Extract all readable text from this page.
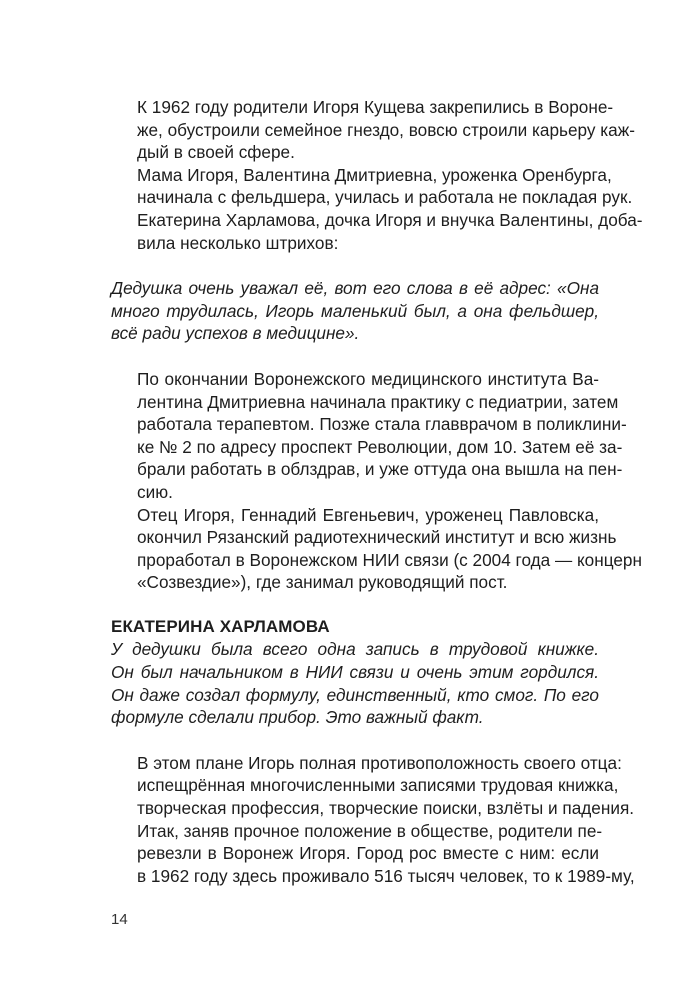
К 1962 году родители Игоря Кущева закрепились в Вороне-
же, обустроили семейное гнездо, вовсю строили карьеру каж-
дый в своей сфере.

Мама Игоря, Валентина Дмитриевна, уроженка Оренбурга,
начинала с фельдшера, училась и работала не покладая рук.
Екатерина Харламова, дочка Игоря и внучка Валентины, доба-
вила несколько штрихов:

Дедушка очень уважал её, вот его слова в её адрес: «Она
много трудилась, Игорь маленький был, а она фельдшер,
всё ради успехов в медицине».

По окончании Воронежского медицинского института Ва-
лентина Дмитриевна начинала практику с педиатрии, затем
работала терапевтом. Позже стала главврачом в поликлини-
ке № 2 по адресу проспект Революции, дом 10. Затем её за-
брали работать в облздрав, и уже оттуда она вышла на пен-
сию.

Отец Игоря, Геннадий Евгеньевич, уроженец Павловска,
окончил Рязанский радиотехнический институт и всю жизнь
проработал в Воронежском НИИ связи (с 2004 года — концерн
«Созвездие»), где занимал руководящий пост.

ЕКАТЕРИНА ХАРЛАМОВА

У дедушки была всего одна запись в трудовой книжке.
Он был начальником в НИИ связи и очень этим гордился.
Он даже создал формулу, единственный, кто смог. По его
формуле сделали прибор. Это важный факт.

В этом плане Игорь полная противоположность своего отца:
испещрённая многочисленными записями трудовая книжка,
творческая профессия, творческие поиски, взлёты и падения.

Итак, заняв прочное положение в обществе, родители пе-
ревезли в Воронеж Игоря. Город рос вместе с ним: если
в 1962 году здесь проживало 516 тысяч человек, то к 1989-му,

14
